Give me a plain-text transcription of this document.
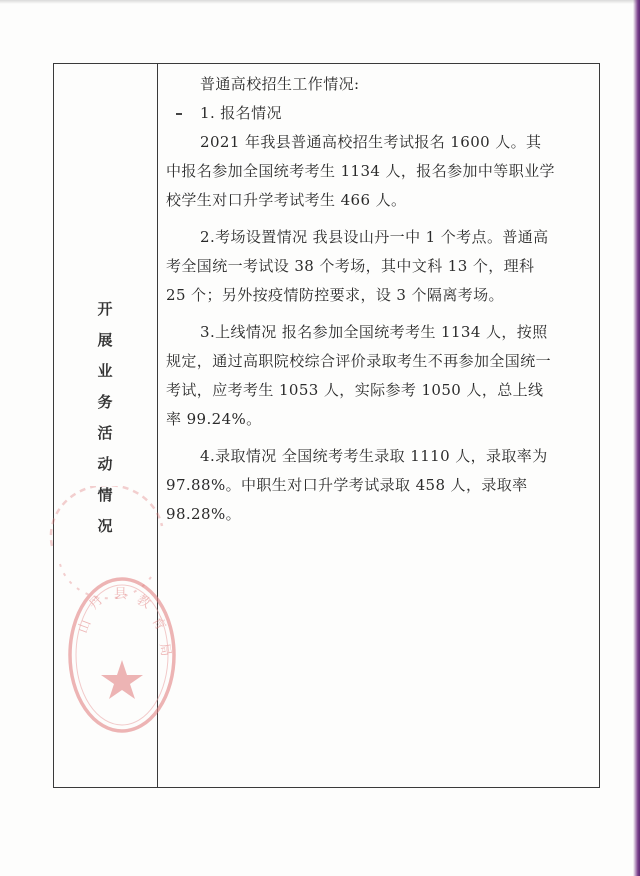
开
展
业
务
活
动
情
况
山
丹 县 教
育
局

普通高校招生工作情况:

1. 报名情况

2021 年我县普通高校招生考试报名 1600 人。其中报名参加全国统考考生 1134 人，报名参加中等职业学校学生对口升学考试考生 466 人。

2.考场设置情况 我县设山丹一中 1 个考点。普通高考全国统一考试设 38 个考场，其中文科 13 个，理科 25 个；另外按疫情防控要求，设 3 个隔离考场。

3.上线情况 报名参加全国统考考生 1134 人，按照规定，通过高职院校综合评价录取考生不再参加全国统一考试，应考考生 1053 人，实际参考 1050 人，总上线率 99.24%。

4.录取情况 全国统考考生录取 1110 人，录取率为 97.88%。中职生对口升学考试录取 458 人，录取率 98.28%。
